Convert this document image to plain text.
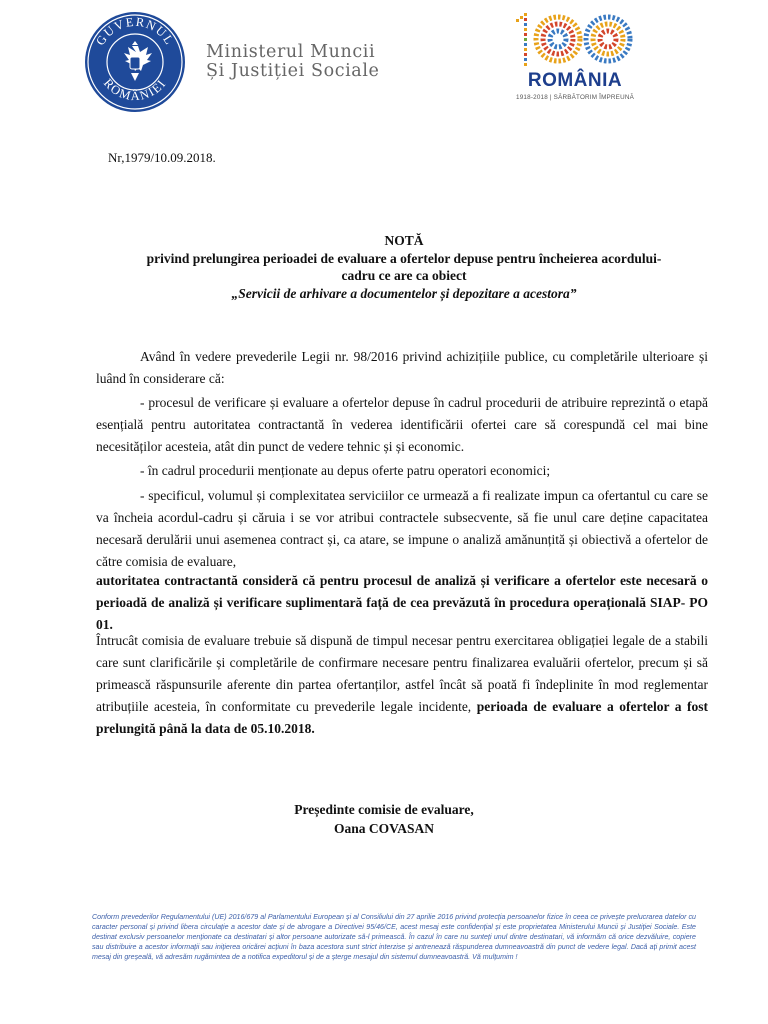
GUVERNUL
ROMÂNIEI
Ministerul Muncii
Și Justiției Sociale	ROMÂNIA
1918-2018 | SĂRBĂTORIM ÎMPREUNĂ
Nr,1979/10.09.2018.
NOTĂ
privind prelungirea perioadei de evaluare a ofertelor depuse pentru încheierea acordului-
cadru ce are ca obiect
„Servicii de arhivare a documentelor și depozitare a acestora”
Având în vedere prevederile Legii nr. 98/2016 privind achizițiile publice, cu completările ulterioare și luând în considerare că:
- procesul de verificare și evaluare a ofertelor depuse în cadrul procedurii de atribuire reprezintă o etapă esențială pentru autoritatea contractantă în vederea identificării ofertei care să corespundă cel mai bine necesităților acesteia, atât din punct de vedere tehnic și și economic.
- în cadrul procedurii menționate au depus oferte patru operatori economici;
- specificul, volumul și complexitatea serviciilor ce urmează a fi realizate impun ca ofertantul cu care se va încheia acordul-cadru și căruia i se vor atribui contractele subsecvente, să fie unul care deține capacitatea necesară derulării unui asemenea contract și, ca atare, se impune o analiză amănunțită și obiectivă a ofertelor de către comisia de evaluare,
autoritatea contractantă consideră că pentru procesul de analiză și verificare a ofertelor este necesară o perioadă de analiză și verificare suplimentară față de cea prevăzută în procedura operațională SIAP- PO 01.
Întrucât comisia de evaluare trebuie să dispună de timpul necesar pentru exercitarea obligației legale de a stabili care sunt clarificările și completările de confirmare necesare pentru finalizarea evaluării ofertelor, precum și să primească răspunsurile aferente din partea ofertanților, astfel încât să poată fi îndeplinite în mod reglementar atribuțiile acesteia, în conformitate cu prevederile legale incidente, perioada de evaluare a ofertelor a fost prelungită până la data de 05.10.2018.
Președinte comisie de evaluare,
Oana COVASAN
Conform prevederilor Regulamentului (UE) 2016/679 al Parlamentului European și al Consiliului din 27 aprilie 2016 privind protecția persoanelor fizice în ceea ce privește prelucrarea datelor cu caracter personal și privind libera circulație a acestor date și de abrogare a Directivei 95/46/CE, acest mesaj este confidențial și este proprietatea Ministerului Muncii și Justiției Sociale. Este destinat exclusiv persoanelor menționate ca destinatari și altor persoane autorizate să-l primească. În cazul în care nu sunteți unul dintre destinatari, vă informăm că orice dezvăluire, copiere sau distribuire a acestor informații sau inițierea oricărei acțiuni în baza acestora sunt strict interzise și antrenează răspunderea dumneavoastră din punct de vedere legal. Dacă ați primit acest mesaj din greșeală, vă adresăm rugămintea de a notifica expeditorul și de a șterge mesajul din sistemul dumneavoastră. Vă mulțumim !
